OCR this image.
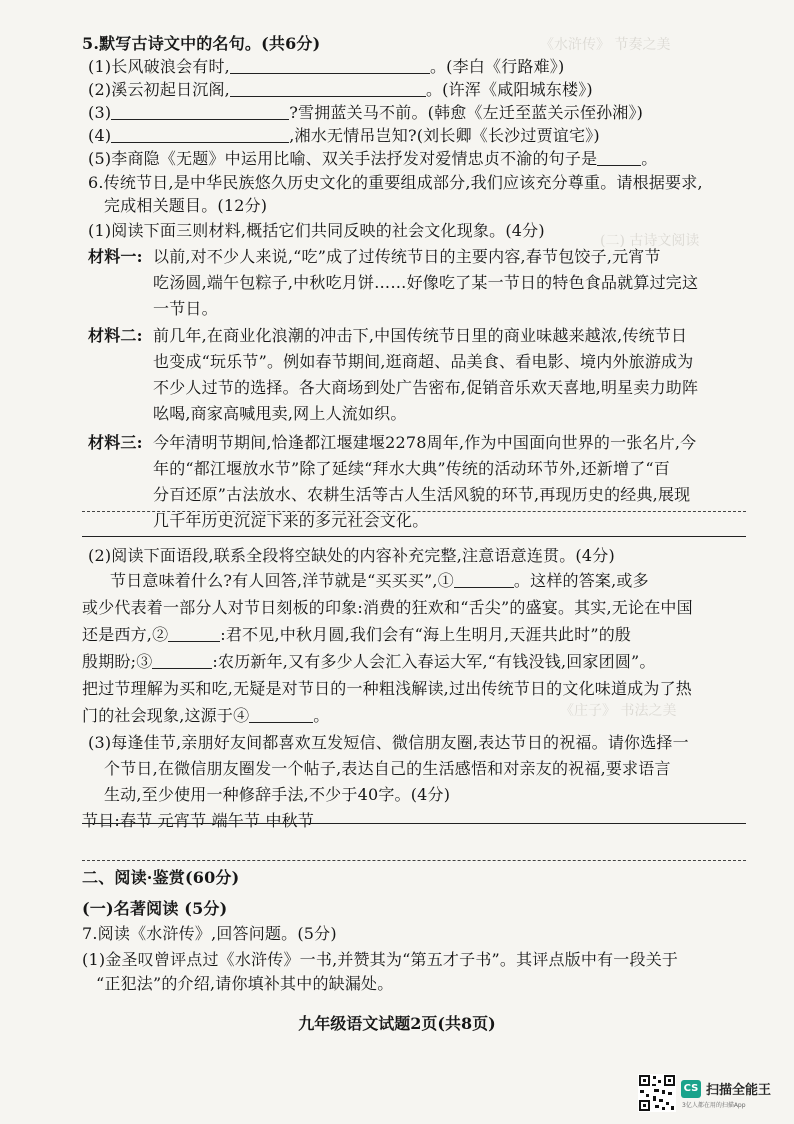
《水浒传》 节奏之美
(二) 古诗文阅读
《庄子》 书法之美
5.默写古诗文中的名句。(共6分)
(1)长风破浪会有时,	。(李白《行路难》)
(2)溪云初起日沉阁,	。(许浑《咸阳城东楼》)
(3)	?雪拥蓝关马不前。(韩愈《左迁至蓝关示侄孙湘》)
(4)	,湘水无情吊岂知?(刘长卿《长沙过贾谊宅》)
(5)李商隐《无题》中运用比喻、双关手法抒发对爱情忠贞不渝的句子是	。
6.传统节日,是中华民族悠久历史文化的重要组成部分,我们应该充分尊重。请根据要求,
完成相关题目。(12分)
(1)阅读下面三则材料,概括它们共同反映的社会文化现象。(4分)
材料一: 以前,对不少人来说,“吃”成了过传统节日的主要内容,春节包饺子,元宵节
吃汤圆,端午包粽子,中秋吃月饼……好像吃了某一节日的特色食品就算过完这
一节日。
材料二: 前几年,在商业化浪潮的冲击下,中国传统节日里的商业味越来越浓,传统节日
也变成“玩乐节”。例如春节期间,逛商超、品美食、看电影、境内外旅游成为
不少人过节的选择。各大商场到处广告密布,促销音乐欢天喜地,明星卖力助阵
吆喝,商家高喊甩卖,网上人流如织。
材料三: 今年清明节期间,恰逢都江堰建堰2278周年,作为中国面向世界的一张名片,今
年的“都江堰放水节”除了延续“拜水大典”传统的活动环节外,还新增了“百
分百还原”古法放水、农耕生活等古人生活风貌的环节,再现历史的经典,展现
几千年历史沉淀下来的多元社会文化。
(2)阅读下面语段,联系全段将空缺处的内容补充完整,注意语意连贯。(4分)
节日意味着什么?有人回答,洋节就是“买买买”,①	。这样的答案,或多
或少代表着一部分人对节日刻板的印象:消费的狂欢和“舌尖”的盛宴。其实,无论在中国
还是西方,②	:君不见,中秋月圆,我们会有“海上生明月,天涯共此时”的殷
殷期盼;③	:农历新年,又有多少人会汇入春运大军,“有钱没钱,回家团圆”。
把过节理解为买和吃,无疑是对节日的一种粗浅解读,过出传统节日的文化味道成为了热
门的社会现象,这源于④	。
(3)每逢佳节,亲朋好友间都喜欢互发短信、微信朋友圈,表达节日的祝福。请你选择一
个节日,在微信朋友圈发一个帖子,表达自己的生活感悟和对亲友的祝福,要求语言
生动,至少使用一种修辞手法,不少于40字。(4分)
节日:春节 元宵节 端午节 中秋节
二、阅读·鉴赏(60分)
(一)名著阅读 (5分)
7.阅读《水浒传》,回答问题。(5分)
(1)金圣叹曾评点过《水浒传》一书,并赞其为“第五才子书”。其评点版中有一段关于
“正犯法”的介绍,请你填补其中的缺漏处。
九年级语文试题2页(共8页)
CS 扫描全能王
3亿人都在用的扫描App
